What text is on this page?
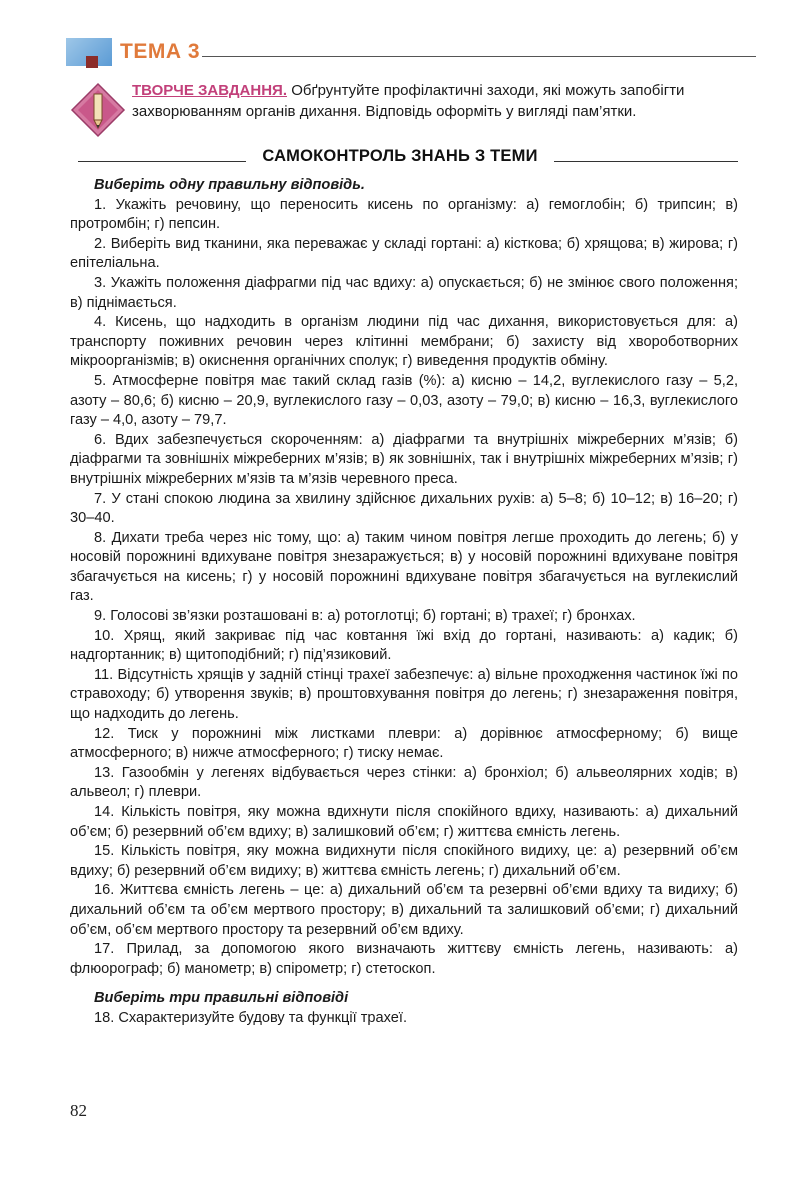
ТЕМА 3
ТВОРЧЕ ЗАВДАННЯ. Обґрунтуйте профілактичні заходи, які можуть запобігти захворюванням органів дихання. Відповідь оформіть у вигляді пам’ятки.
САМОКОНТРОЛЬ ЗНАНЬ З ТЕМИ

Виберіть одну правильну відповідь.

1. Укажіть речовину, що переносить кисень по організму: а) гемоглобін; б) трипсин; в) протромбін; г) пепсин.

2. Виберіть вид тканини, яка переважає у складі гортані: а) кісткова; б) хрящова; в) жирова; г) епітеліальна.

3. Укажіть положення діафрагми під час вдиху: а) опускається; б) не змінює свого положення; в) піднімається.

4. Кисень, що надходить в організм людини під час дихання, використовується для: а) транспорту поживних речовин через клітинні мембрани; б) захисту від хвороботворних мікроорганізмів; в) окиснення органічних сполук; г) виведення продуктів обміну.

5. Атмосферне повітря має такий склад газів (%): а) кисню – 14,2, вуглекислого газу – 5,2, азоту – 80,6; б) кисню – 20,9, вуглекислого газу – 0,03, азоту – 79,0; в) кисню – 16,3, вуглекислого газу – 4,0, азоту – 79,7.

6. Вдих забезпечується скороченням: а) діафрагми та внутрішніх міжреберних м’язів; б) діафрагми та зовнішніх міжреберних м’язів; в) як зовнішніх, так і внутрішніх міжреберних м’язів; г) внутрішніх міжреберних м’язів та м’язів черевного преса.

7. У стані спокою людина за хвилину здійснює дихальних рухів: а) 5–8; б) 10–12; в) 16–20; г) 30–40.

8. Дихати треба через ніс тому, що: а) таким чином повітря легше проходить до легень; б) у носовій порожнині вдихуване повітря знезаражується; в) у носовій порожнині вдихуване повітря збагачується на кисень; г) у носовій порожнині вдихуване повітря збагачується на вуглекислий газ.

9. Голосові зв’язки розташовані в: а) ротоглотці; б) гортані; в) трахеї; г) бронхах.

10. Хрящ, який закриває під час ковтання їжі вхід до гортані, називають: а) кадик; б) надгортанник; в) щитоподібний; г) під’язиковий.

11. Відсутність хрящів у задній стінці трахеї забезпечує: а) вільне проходження частинок їжі по стравоходу; б) утворення звуків; в) проштовхування повітря до легень; г) знезараження повітря, що надходить до легень.

12. Тиск у порожнині між листками плеври: а) дорівнює атмосферному; б) вище атмосферного; в) нижче атмосферного; г) тиску немає.

13. Газообмін у легенях відбувається через стінки: а) бронхіол; б) альвеолярних ходів; в) альвеол; г) плеври.

14. Кількість повітря, яку можна вдихнути після спокійного вдиху, називають: а) дихальний об’єм; б) резервний об’єм вдиху; в) залишковий об’єм; г) життєва ємність легень.

15. Кількість повітря, яку можна видихнути після спокійного видиху, це: а) резервний об’єм вдиху; б) резервний об’єм видиху; в) життєва ємність легень; г) дихальний об’єм.

16. Життєва ємність легень – це: а) дихальний об’єм та резервні об’єми вдиху та видиху; б) дихальний об’єм та об’єм мертвого простору; в) дихальний та залишковий об’єми; г) дихальний об’єм, об’єм мертвого простору та резервний об’єм вдиху.

17. Прилад, за допомогою якого визначають життєву ємність легень, називають: а) флюорограф; б) манометр; в) спірометр; г) стетоскоп.

Виберіть три правильні відповіді

18. Схарактеризуйте будову та функції трахеї.

82
